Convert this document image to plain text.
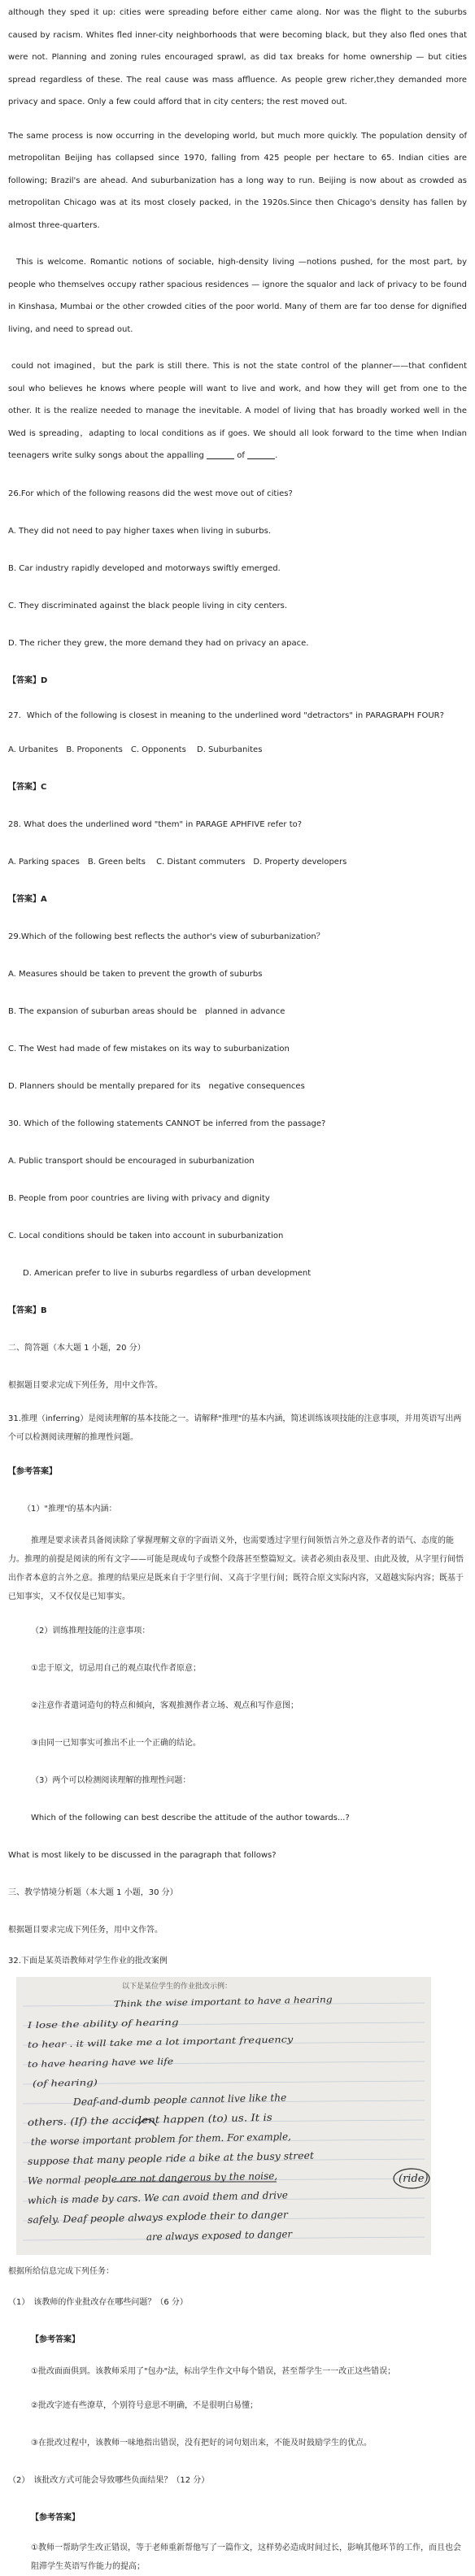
although they sped it up: cities were spreading before either came along. Nor was the flight to the suburbs caused by racism. Whites fled inner-city neighborhoods that were becoming black, but they also fled ones that were not. Planning and zoning rules encouraged sprawl, as did tax breaks for home ownership — but cities spread regardless of these. The real cause was mass affluence. As people grew richer,they demanded more privacy and space. Only a few could afford that in city centers; the rest moved out.

The same process is now occurring in the developing world, but much more quickly. The population density of metropolitan Beijing has collapsed since 1970, falling from 425 people per hectare to 65. Indian cities are following; Brazil's are ahead. And suburbanization has a long way to run. Beijing is now about as crowded as metropolitan Chicago was at its most closely packed, in the 1920s.Since then Chicago's density has fallen by almost three-quarters.

This is welcome. Romantic notions of sociable, high-density living —notions pushed, for the most part, by people who themselves occupy rather spacious residences — ignore the squalor and lack of privacy to be found in Kinshasa, Mumbai or the other crowded cities of the poor world. Many of them are far too dense for dignified living, and need to spread out.

could not imagined，but the park is still there. This is not the state control of the planner——that confident soul who believes he knows where people will want to live and work, and how they will get from one to the other. It is the realize needed to manage the inevitable. A model of living that has broadly worked well in the Wed is spreading，adapting to local conditions as if goes. We should all look forward to the time when Indian teenagers write sulky songs about the appalling	of	.

26.For which of the following reasons did the west move out of cities?
A. They did not need to pay higher taxes when living in suburbs.
B. Car industry rapidly developed and motorways swiftly emerged.
C. They discriminated against the black people living in city centers.
D. The richer they grew, the more demand they had on privacy an apace.
【答案】D
27．Which of the following is closest in meaning to the underlined word "detractors" in PARAGRAPH FOUR?
A. Urbanites　B. Proponents　C. Opponents　 D. Suburbanites
【答案】C
28. What does the underlined word "them" in PARAGE APHFIVE refer to?
A. Parking spaces　B. Green belts　 C. Distant commuters　D. Property developers
【答案】A
29.Which of the following best reflects the author's view of suburbanization？
A. Measures should be taken to prevent the growth of suburbs
B. The expansion of suburban areas should be　planned in advance
C. The West had made of few mistakes on its way to suburbanization
D. Planners should be mentally prepared for its　negative consequences
30. Which of the following statements CANNOT be inferred from the passage?
A. Public transport should be encouraged in suburbanization
B. People from poor countries are living with privacy and dignity
C. Local conditions should be taken into account in suburbanization
D. American prefer to live in suburbs regardless of urban development
【答案】B
二、简答题（本大题 1 小题，20 分）
根据题目要求完成下列任务，用中文作答。
31.推理（inferring）是阅读理解的基本技能之一。请解释"推理"的基本内涵，简述训练该项技能的注意事项，并用英语写出两个可以检测阅读理解的推理性问题。
【参考答案】
（1）"推理"的基本内涵：
推理是要求读者具备阅读除了掌握理解文章的字面语义外，也需要透过字里行间领悟言外之意及作者的语气、态度的能力。推理的前提是阅读的所有文字——可能是现成句子或整个段落甚至整篇短文。读者必须由表及里、由此及彼，从字里行间悟出作者本意的言外之意。推理的结果应是既来自于字里行间、又高于字里行间；既符合原文实际内容，又超越实际内容；既基于已知事实，又不仅仅是已知事实。
（2）训练推理技能的注意事项：
①忠于原文，切忌用自己的观点取代作者原意；
②注意作者遣词造句的特点和倾向，客观推测作者立场、观点和写作意图；
③由同一已知事实可推出不止一个正确的结论。
（3）两个可以检测阅读理解的推理性问题：
Which of the following can best describe the attitude of the author towards...?
What is most likely to be discussed in the paragraph that follows?
三、教学情境分析题（本大题 1 小题，30 分）
根据题目要求完成下列任务，用中文作答。
32.下面是某英语教师对学生作业的批改案例
以下是某位学生的作业批改示例：
Think the wise important to have a hearing
I lose the ability of hearing
to hear . it will take me a lot important frequency
to have hearing have we life
(of hearing)
Deaf-and-dumb people cannot live like the
others. (If) the accident happen (to) us. It is
the worse important problem for them. For example,
suppose that many people ride a bike at the busy street
We normal people are not dangerous by the noise,
which is made by cars. We can avoid them and drive
safely. Deaf people always explode their to danger
are always exposed to danger
(ride)
根据所给信息完成下列任务：
（1）　该教师的作业批改存在哪些问题？（6 分）
【参考答案】
①批改面面俱到。该教师采用了"包办"法，标出学生作文中每个错误，甚至帮学生一一改正这些错误；
②批改字迹有些潦草，个别符号意思不明确，不是很明白易懂；
③在批改过程中，该教师一味地指出错误，没有把好的词句划出来，不能及时鼓励学生的优点。
（2）　该批改方式可能会导致哪些负面结果？（12 分）
【参考答案】
①教师一帮助学生改正错误，等于老师重新帮他写了一篇作文，这样势必造成时间过长，影响其他环节的工作，而且也会阻滞学生英语写作能力的提高；
